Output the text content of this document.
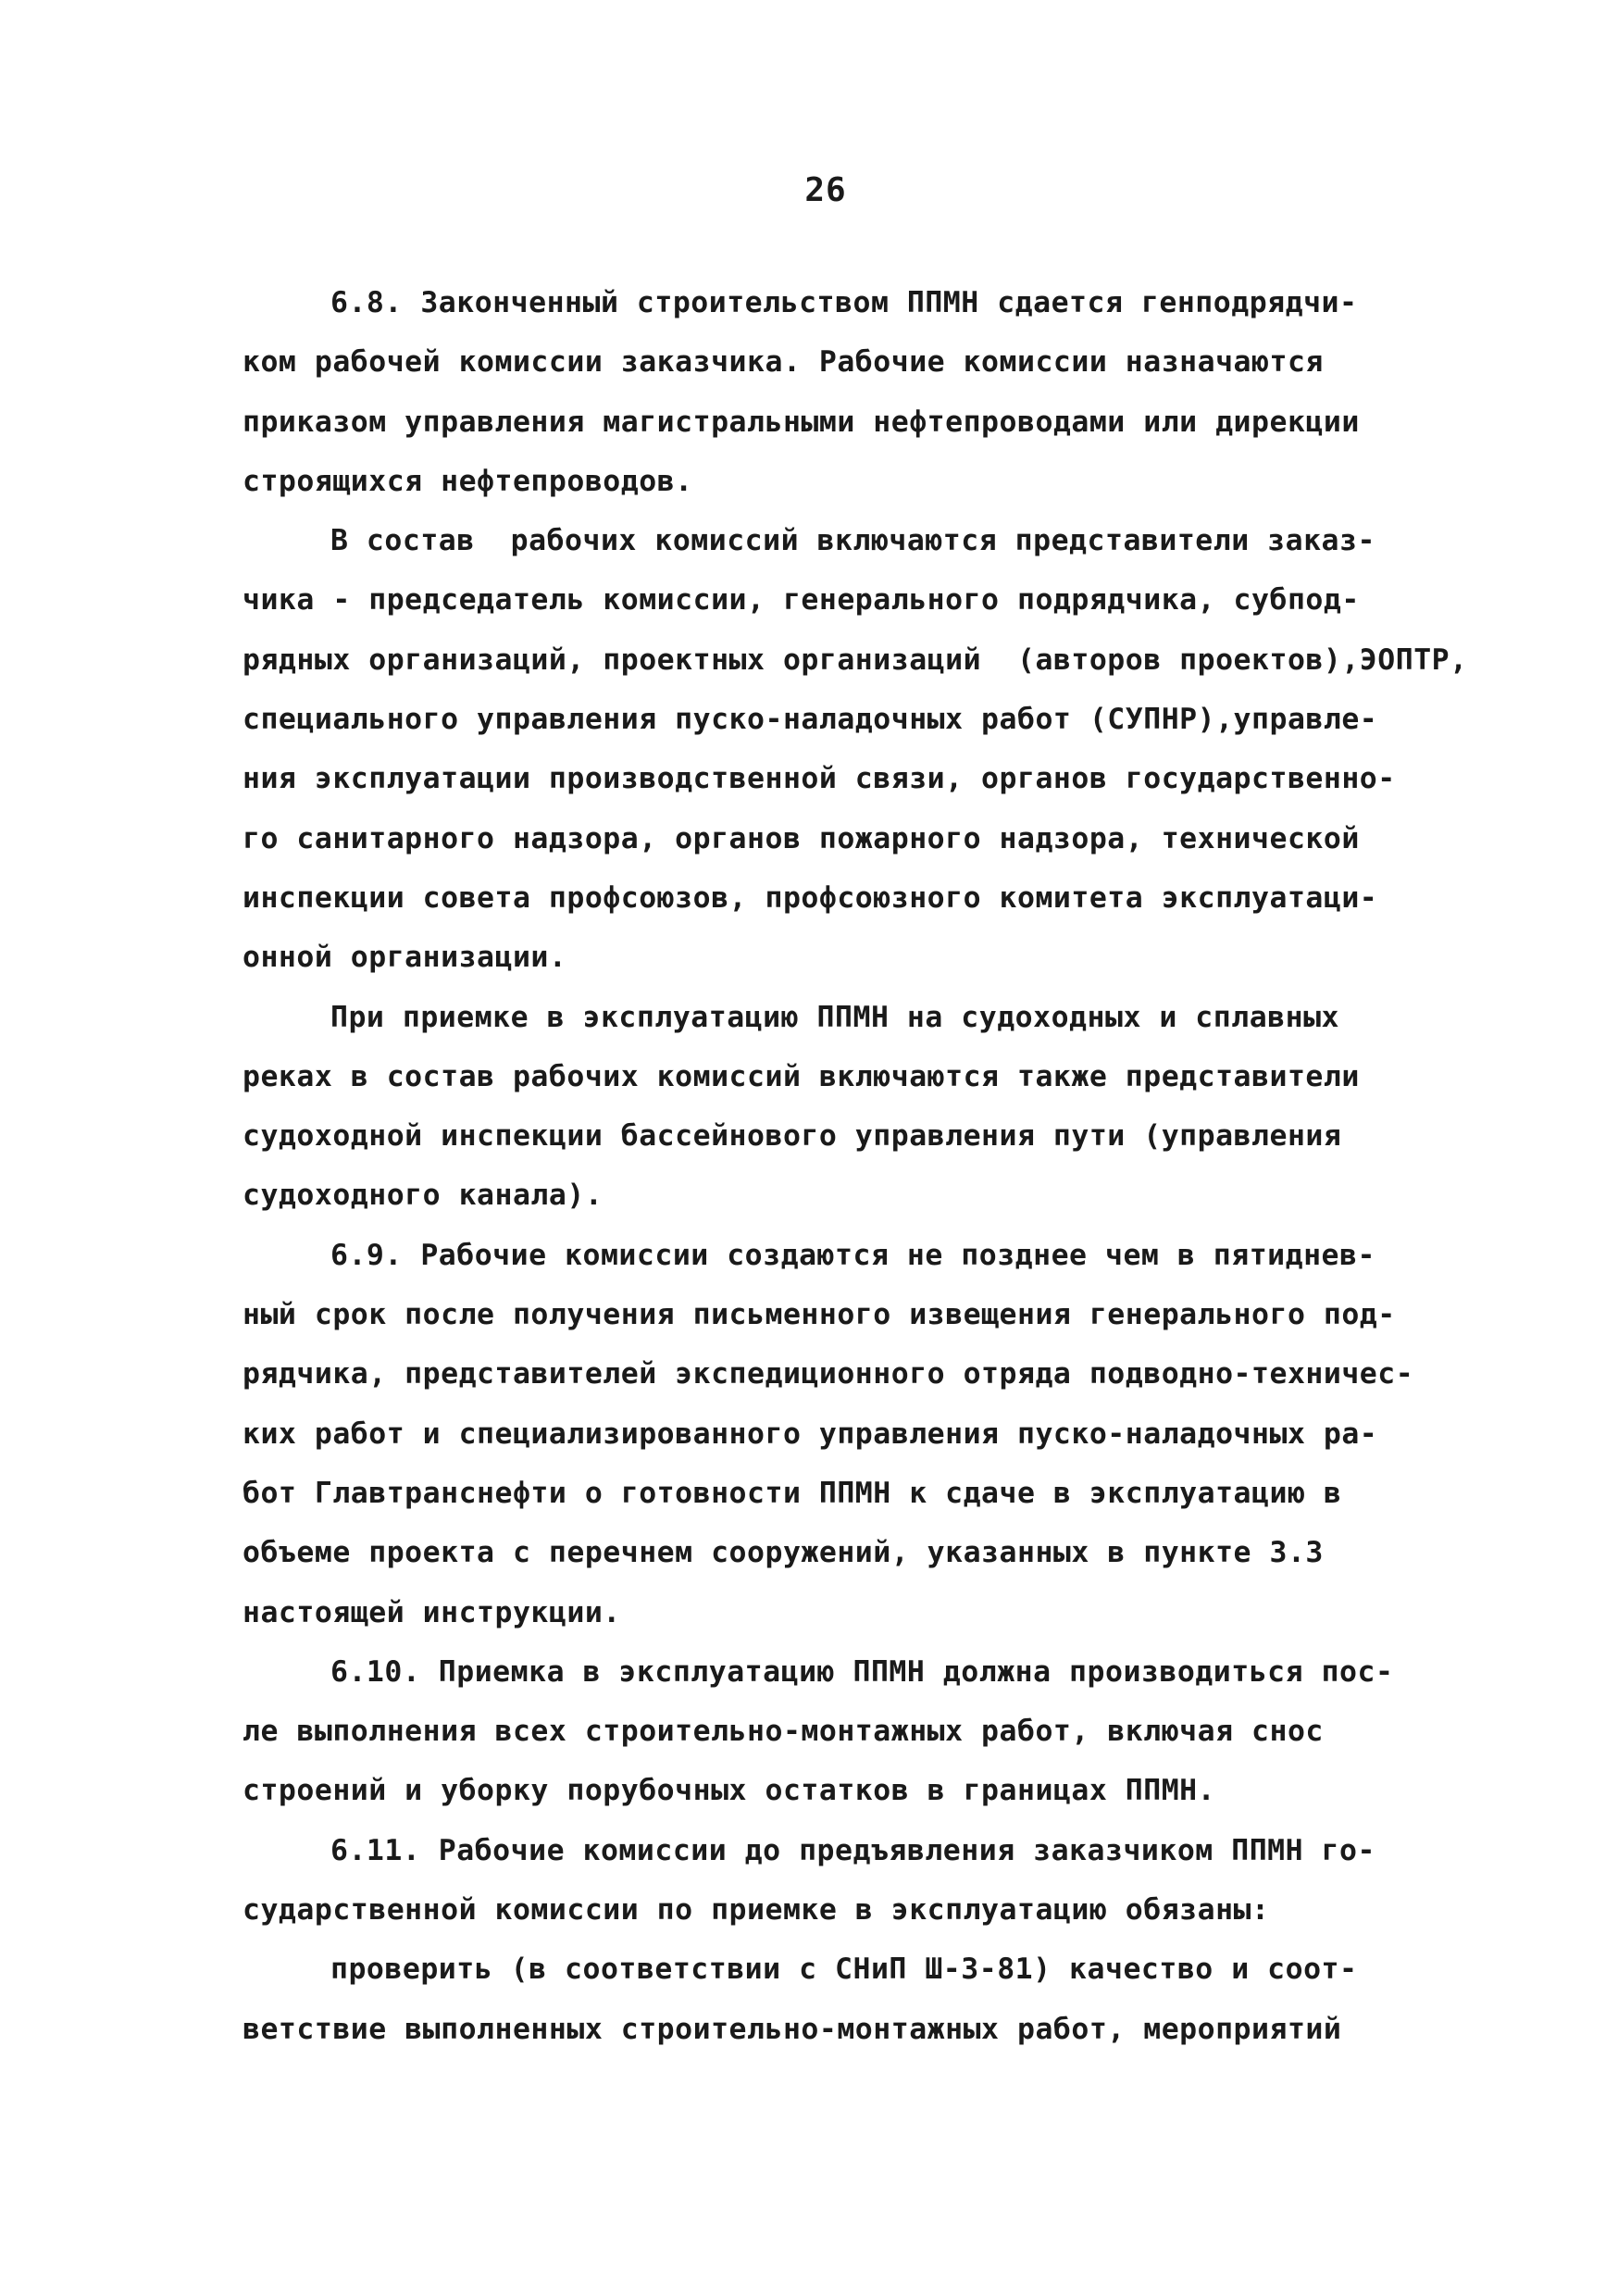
26
6.8. Законченный строительством ППМН сдается генподрядчи-
ком рабочей комиссии заказчика. Рабочие комиссии назначаются
приказом управления магистральными нефтепроводами или дирекции
строящихся нефтепроводов.
В состав  рабочих комиссий включаются представители заказ-
чика - председатель комиссии, генерального подрядчика, субпод-
рядных организаций, проектных организаций  (авторов проектов),ЭОПТР,
специального управления пуско-наладочных работ (СУПНР),управле-
ния эксплуатации производственной связи, органов государственно-
го санитарного надзора, органов пожарного надзора, технической
инспекции совета профсоюзов, профсоюзного комитета эксплуатаци-
онной организации.
При приемке в эксплуатацию ППМН на судоходных и сплавных
реках в состав рабочих комиссий включаются также представители
судоходной инспекции бассейнового управления пути (управления
судоходного канала).
6.9. Рабочие комиссии создаются не позднее чем в пятиднев-
ный срок после получения письменного извещения генерального под-
рядчика, представителей экспедиционного отряда подводно-техничес-
ких работ и специализированного управления пуско-наладочных ра-
бот Главтранснефти о готовности ППМН к сдаче в эксплуатацию в
объеме проекта с перечнем сооружений, указанных в пункте 3.3
настоящей инструкции.
6.10. Приемка в эксплуатацию ППМН должна производиться пос-
ле выполнения всех строительно-монтажных работ, включая снос
строений и уборку порубочных остатков в границах ППМН.
6.11. Рабочие комиссии до предъявления заказчиком ППМН го-
сударственной комиссии по приемке в эксплуатацию обязаны:
проверить (в соответствии с СНиП Ш-3-81) качество и соот-
ветствие выполненных строительно-монтажных работ, мероприятий
